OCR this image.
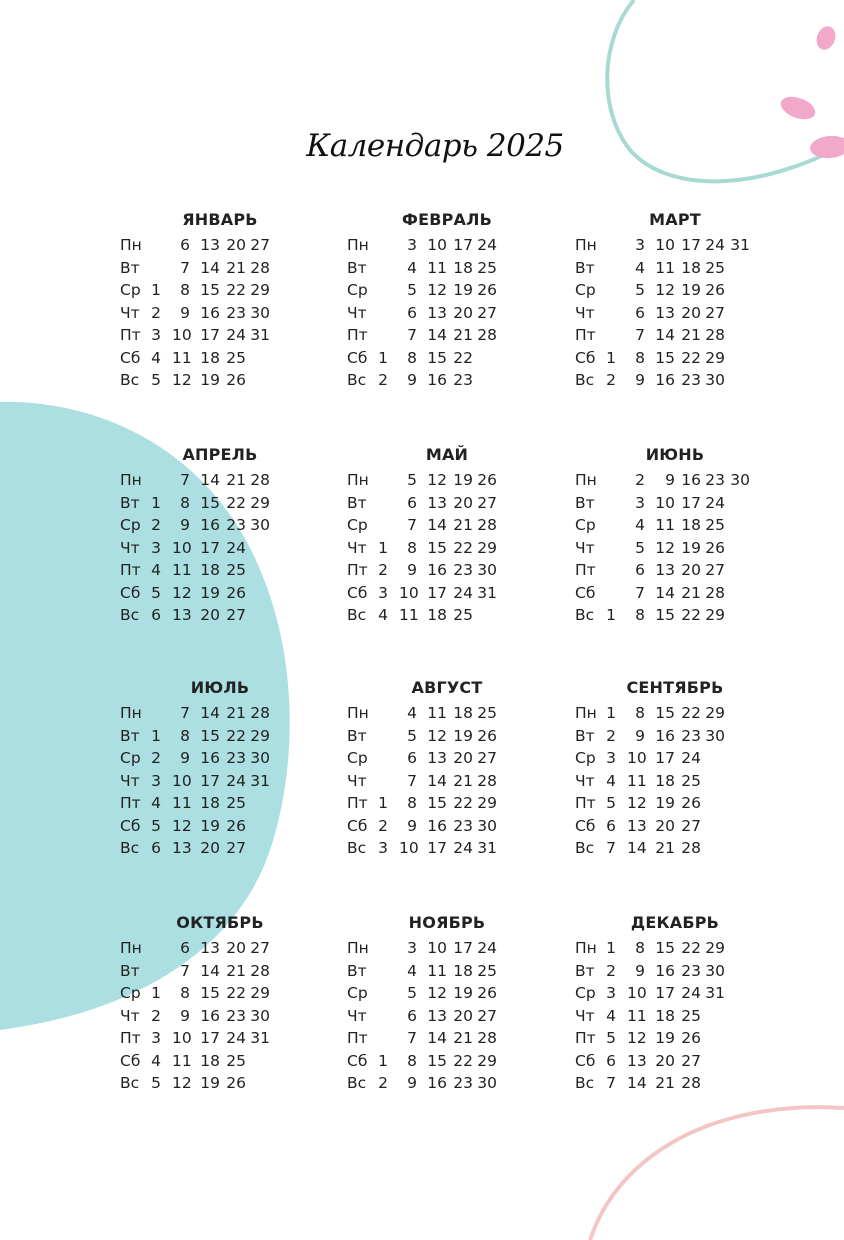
Календарь 2025
ЯНВАРЬ
Пн	6 13 20 27
Вт	7 14 21 28
Ср 1	8 15 22 29
Чт 2	9 16 23 30
Пт 3 10 17 24 31
Сб 4 11 18 25
Вс 5 12 19 26
ФЕВРАЛЬ
Пн	3 10 17 24
Вт	4 11 18 25
Ср	5 12 19 26
Чт	6 13 20 27
Пт	7 14 21 28
Сб 1	8 15 22
Вс 2	9 16 23
МАРТ
Пн	3 10 17 24 31
Вт	4 11 18 25
Ср	5 12 19 26
Чт	6 13 20 27
Пт	7 14 21 28
Сб 1	8 15 22 29
Вс 2	9 16 23 30
АПРЕЛЬ
Пн	7 14 21 28
Вт 1	8 15 22 29
Ср 2	9 16 23 30
Чт 3 10 17 24
Пт 4 11 18 25
Сб 5 12 19 26
Вс 6 13 20 27
МАЙ
Пн	5 12 19 26
Вт	6 13 20 27
Ср	7 14 21 28
Чт 1	8 15 22 29
Пт 2	9 16 23 30
Сб 3 10 17 24 31
Вс 4 11 18 25
ИЮНЬ
Пн	2	9 16 23 30
Вт	3 10 17 24
Ср	4 11 18 25
Чт	5 12 19 26
Пт	6 13 20 27
Сб	7 14 21 28
Вс 1	8 15 22 29
ИЮЛЬ
Пн	7 14 21 28
Вт 1	8 15 22 29
Ср 2	9 16 23 30
Чт 3 10 17 24 31
Пт 4 11 18 25
Сб 5 12 19 26
Вс 6 13 20 27
АВГУСТ
Пн	4 11 18 25
Вт	5 12 19 26
Ср	6 13 20 27
Чт	7 14 21 28
Пт 1	8 15 22 29
Сб 2	9 16 23 30
Вс 3 10 17 24 31
СЕНТЯБРЬ
Пн 1	8 15 22 29
Вт 2	9 16 23 30
Ср 3 10 17 24
Чт 4 11 18 25
Пт 5 12 19 26
Сб 6 13 20 27
Вс 7 14 21 28
ОКТЯБРЬ
Пн	6 13 20 27
Вт	7 14 21 28
Ср 1	8 15 22 29
Чт 2	9 16 23 30
Пт 3 10 17 24 31
Сб 4 11 18 25
Вс 5 12 19 26
НОЯБРЬ
Пн	3 10 17 24
Вт	4 11 18 25
Ср	5 12 19 26
Чт	6 13 20 27
Пт	7 14 21 28
Сб 1	8 15 22 29
Вс 2	9 16 23 30
ДЕКАБРЬ
Пн 1	8 15 22 29
Вт 2	9 16 23 30
Ср 3 10 17 24 31
Чт 4 11 18 25
Пт 5 12 19 26
Сб 6 13 20 27
Вс 7 14 21 28
